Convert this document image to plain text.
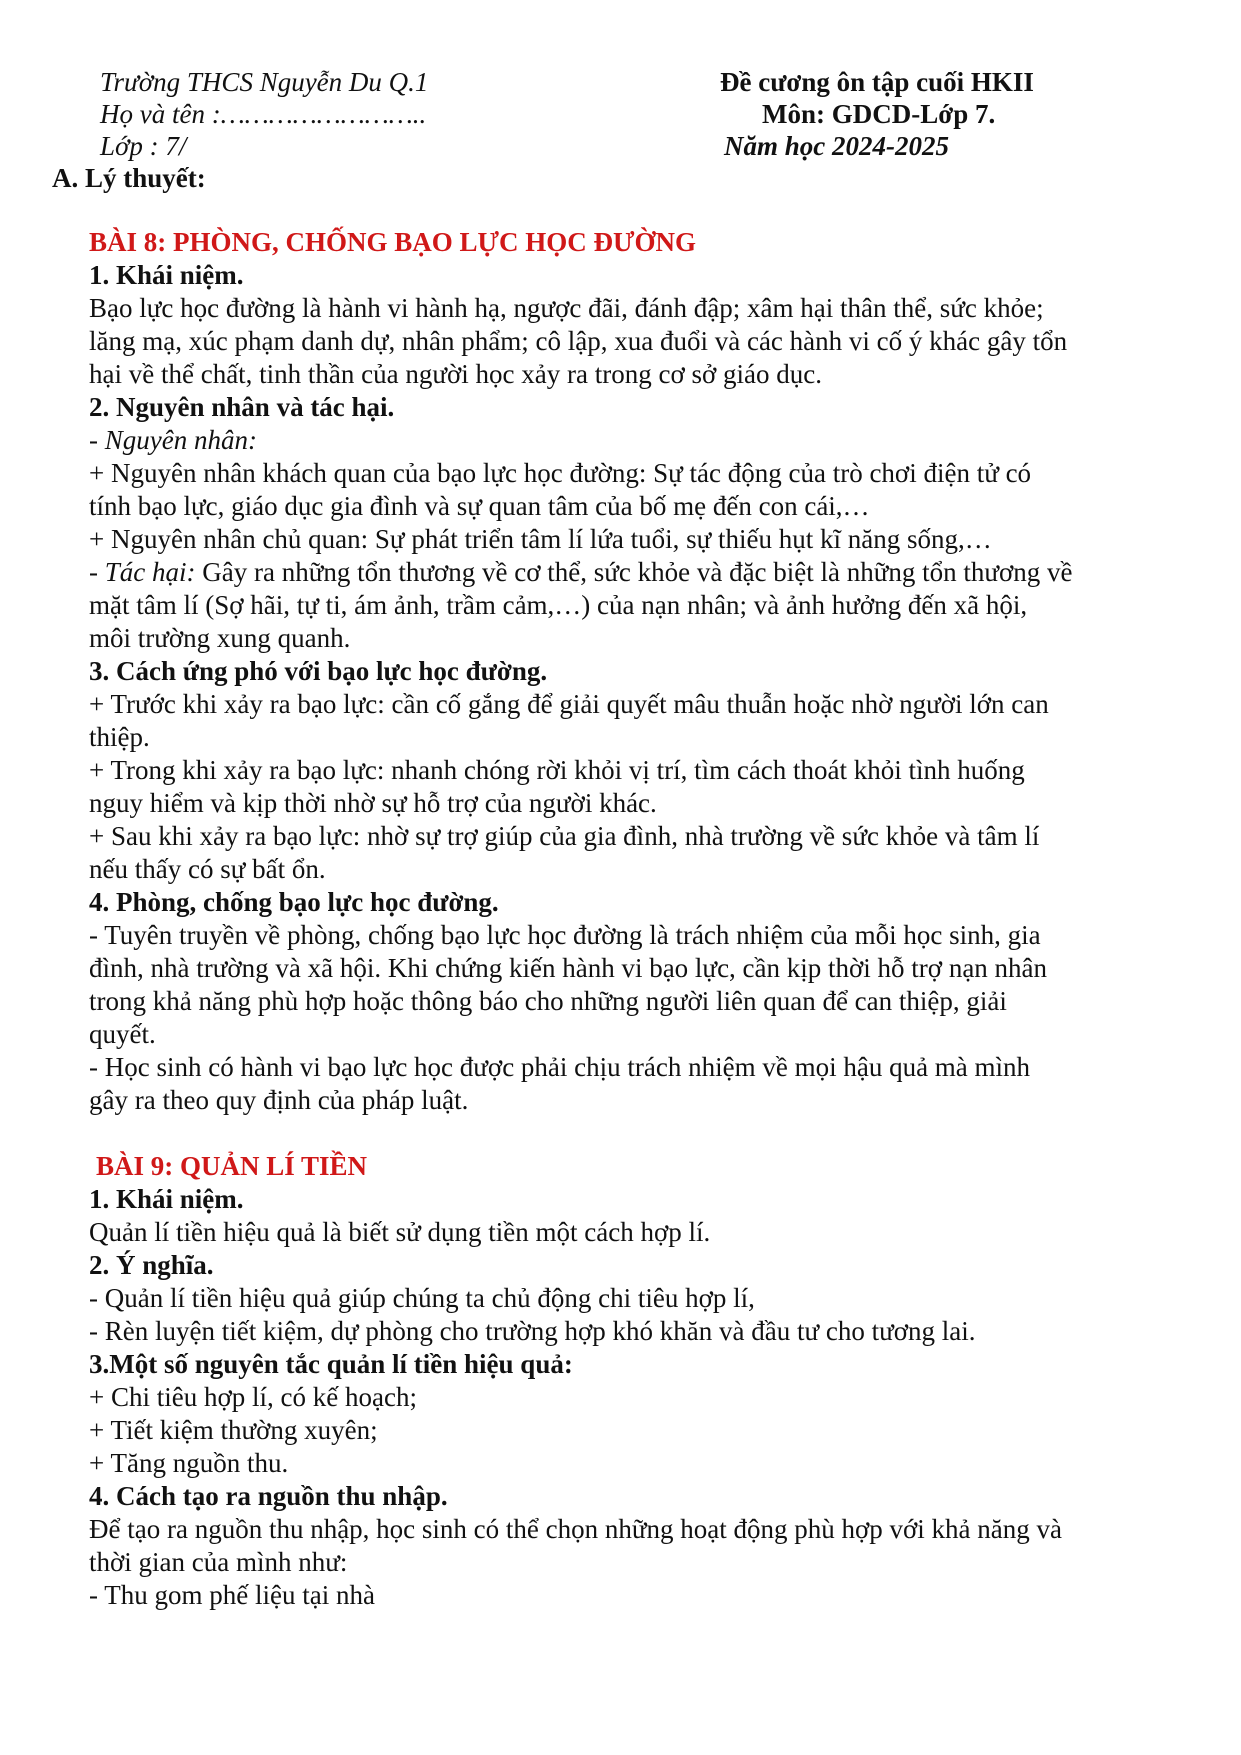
Trường THCS Nguyễn Du Q.1
Họ và tên :……………………..
Lớp : 7/
Đề cương ôn tập cuối HKII
Môn: GDCD-Lớp 7.
Năm học 2024-2025
A. Lý thuyết:
BÀI 8: PHÒNG, CHỐNG BẠO LỰC HỌC ĐƯỜNG
1. Khái niệm.
Bạo lực học đường là hành vi hành hạ, ngược đãi, đánh đập; xâm hại thân thể, sức khỏe;
lăng mạ, xúc phạm danh dự, nhân phẩm; cô lập, xua đuổi và các hành vi cố ý khác gây tổn
hại về thể chất, tinh thần của người học xảy ra trong cơ sở giáo dục.
2. Nguyên nhân và tác hại.
- Nguyên nhân:
+ Nguyên nhân khách quan của bạo lực học đường: Sự tác động của trò chơi điện tử có
tính bạo lực, giáo dục gia đình và sự quan tâm của bố mẹ đến con cái,…
+ Nguyên nhân chủ quan: Sự phát triển tâm lí lứa tuổi, sự thiếu hụt kĩ năng sống,…
- Tác hại: Gây ra những tổn thương về cơ thể, sức khỏe và đặc biệt là những tổn thương về
mặt tâm lí (Sợ hãi, tự ti, ám ảnh, trầm cảm,…) của nạn nhân; và ảnh hưởng đến xã hội,
môi trường xung quanh.
3. Cách ứng phó với bạo lực học đường.
+ Trước khi xảy ra bạo lực: cần cố gắng để giải quyết mâu thuẫn hoặc nhờ người lớn can
thiệp.
+ Trong khi xảy ra bạo lực: nhanh chóng rời khỏi vị trí, tìm cách thoát khỏi tình huống
nguy hiểm và kịp thời nhờ sự hỗ trợ của người khác.
+ Sau khi xảy ra bạo lực: nhờ sự trợ giúp của gia đình, nhà trường về sức khỏe và tâm lí
nếu thấy có sự bất ổn.
4. Phòng, chống bạo lực học đường.
- Tuyên truyền về phòng, chống bạo lực học đường là trách nhiệm của mỗi học sinh, gia
đình, nhà trường và xã hội. Khi chứng kiến hành vi bạo lực, cần kịp thời hỗ trợ nạn nhân
trong khả năng phù hợp hoặc thông báo cho những người liên quan để can thiệp, giải
quyết.
- Học sinh có hành vi bạo lực học được phải chịu trách nhiệm về mọi hậu quả mà mình
gây ra theo quy định của pháp luật.
BÀI 9: QUẢN LÍ TIỀN
1. Khái niệm.
Quản lí tiền hiệu quả là biết sử dụng tiền một cách hợp lí.
2. Ý nghĩa.
- Quản lí tiền hiệu quả giúp chúng ta chủ động chi tiêu hợp lí,
- Rèn luyện tiết kiệm, dự phòng cho trường hợp khó khăn và đầu tư cho tương lai.
3.Một số nguyên tắc quản lí tiền hiệu quả:
+ Chi tiêu hợp lí, có kế hoạch;
+ Tiết kiệm thường xuyên;
+ Tăng nguồn thu.
4. Cách tạo ra nguồn thu nhập.
Để tạo ra nguồn thu nhập, học sinh có thể chọn những hoạt động phù hợp với khả năng và
thời gian của mình như:
- Thu gom phế liệu tại nhà
